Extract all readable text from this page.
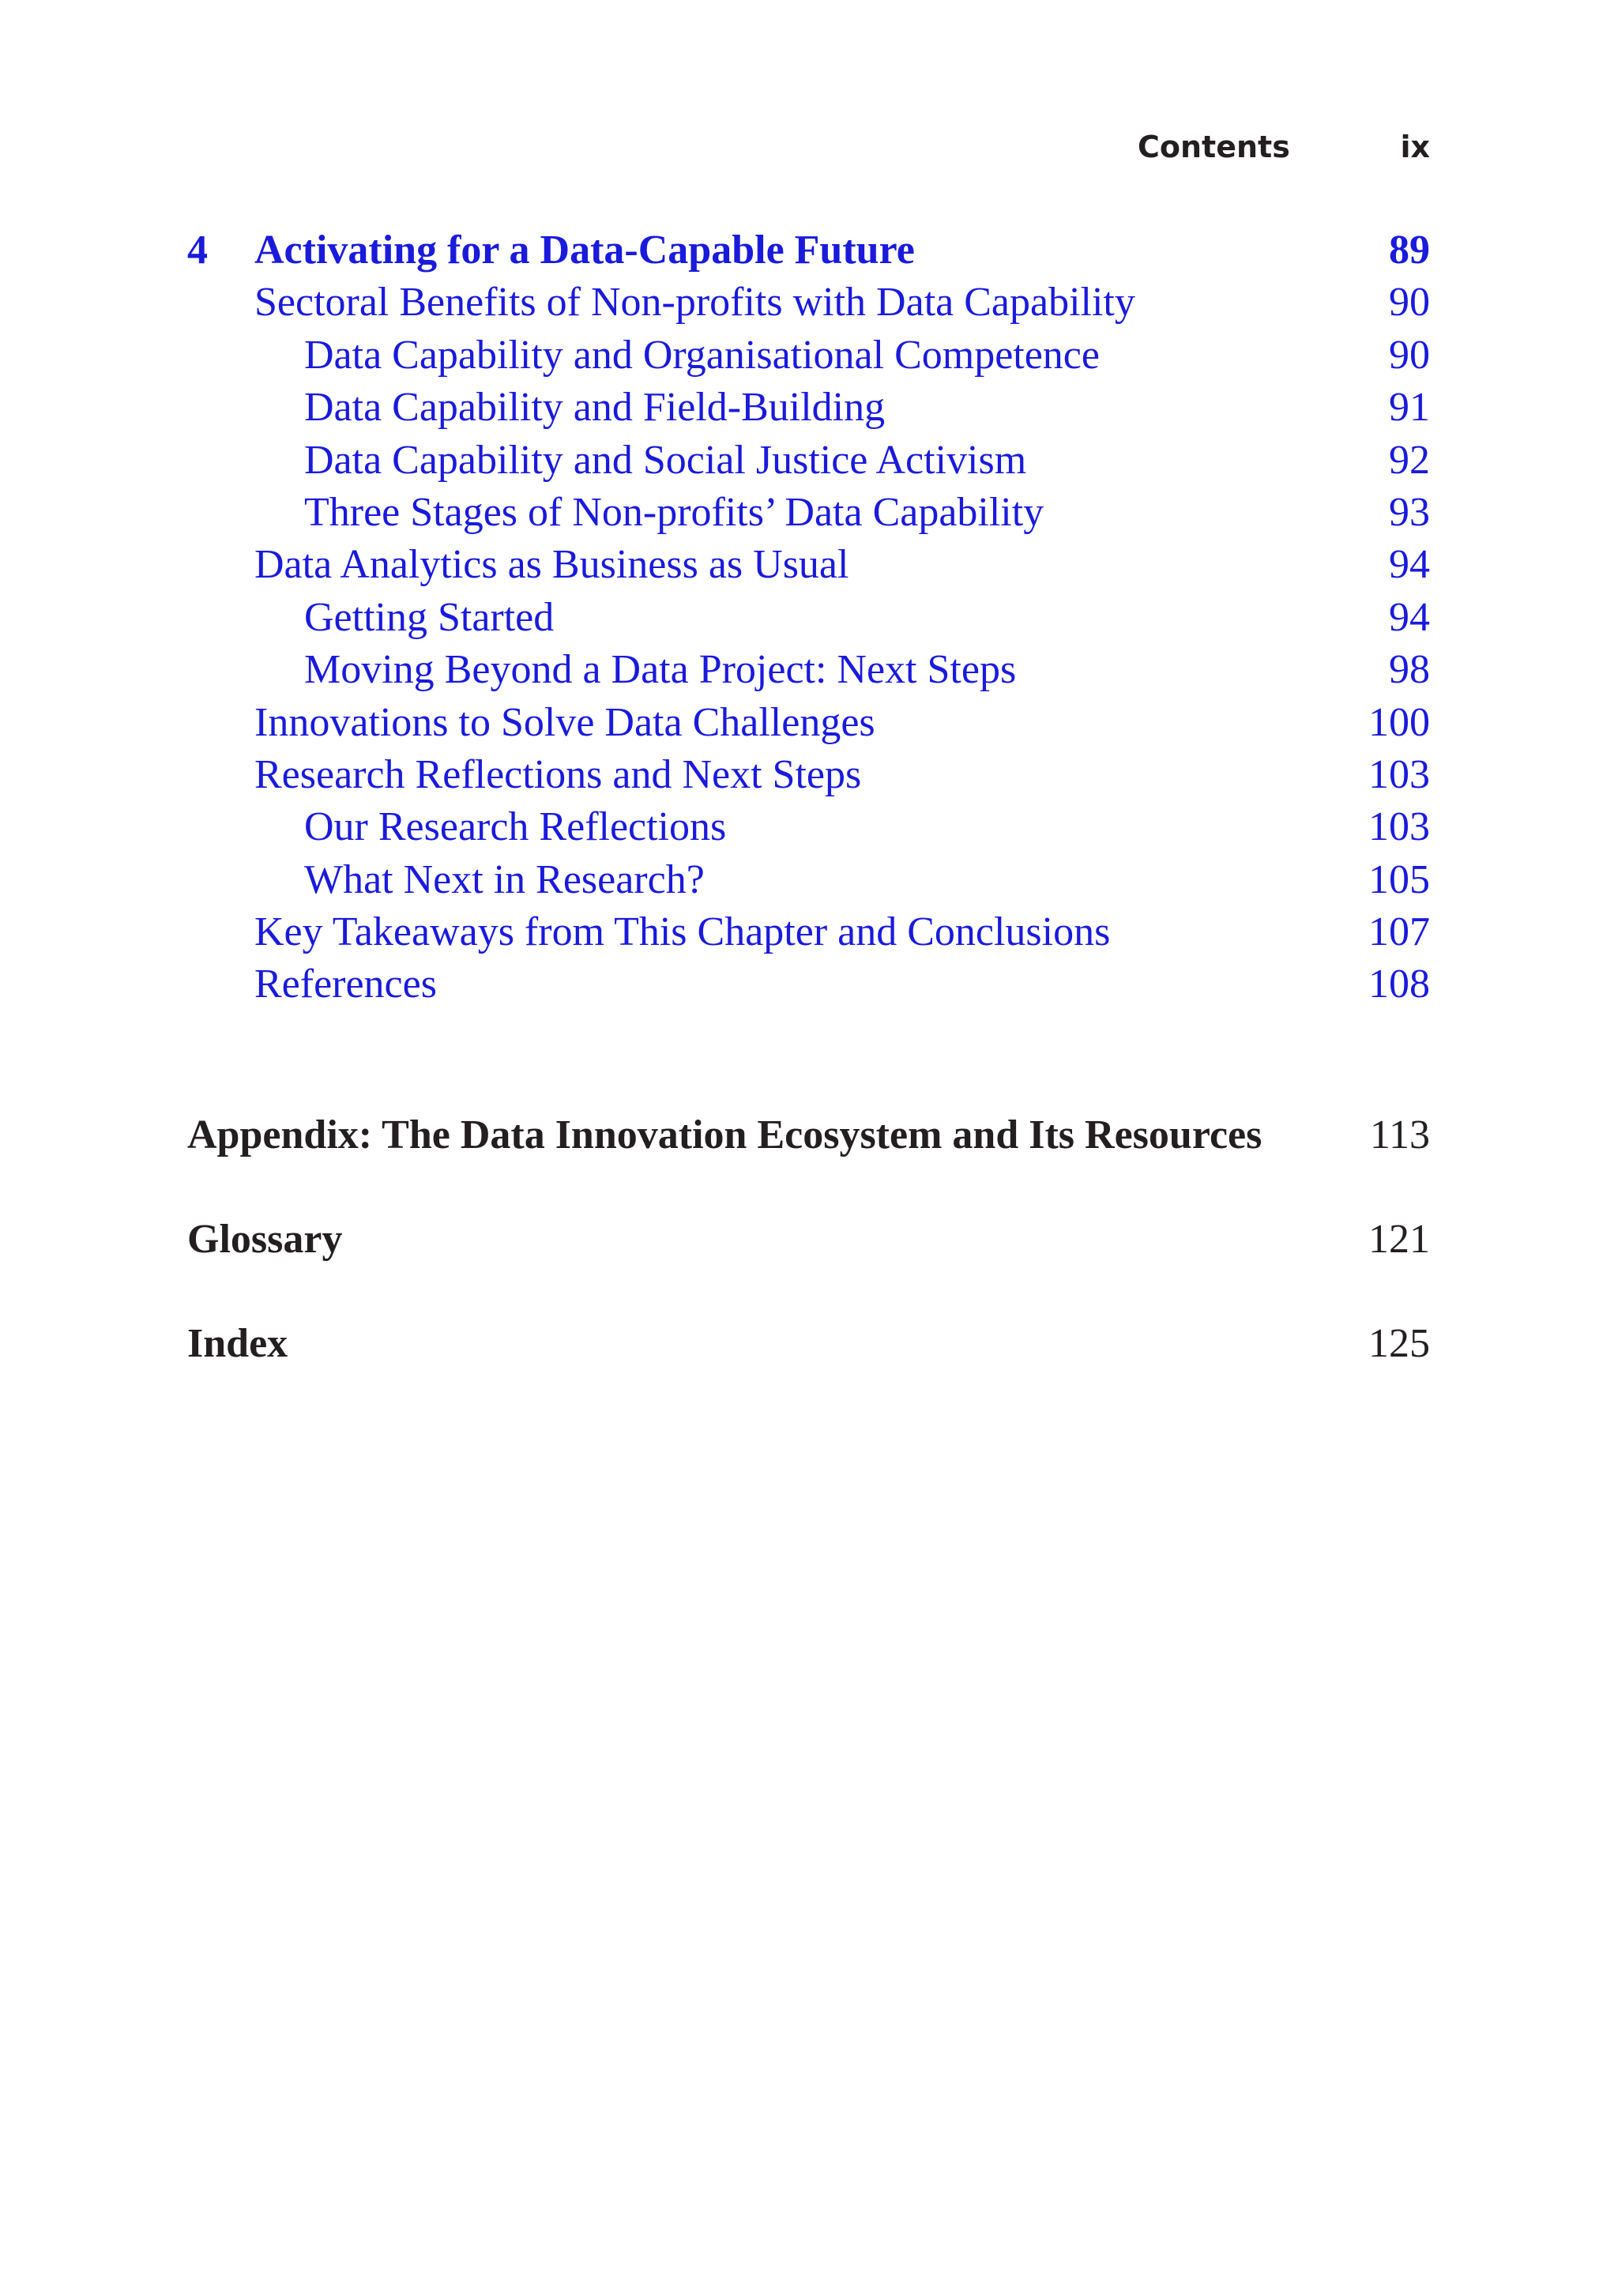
Contents	ix
4 Activating for a Data-Capable Future	89
Sectoral Benefits of Non-profits with Data Capability	90
Data Capability and Organisational Competence	90
Data Capability and Field-Building	91
Data Capability and Social Justice Activism	92
Three Stages of Non-profits’ Data Capability	93
Data Analytics as Business as Usual	94
Getting Started	94
Moving Beyond a Data Project: Next Steps	98
Innovations to Solve Data Challenges	100
Research Reflections and Next Steps	103
Our Research Reflections	103
What Next in Research?	105
Key Takeaways from This Chapter and Conclusions	107
References	108
Appendix: The Data Innovation Ecosystem and Its Resources	113
Glossary	121
Index	125
